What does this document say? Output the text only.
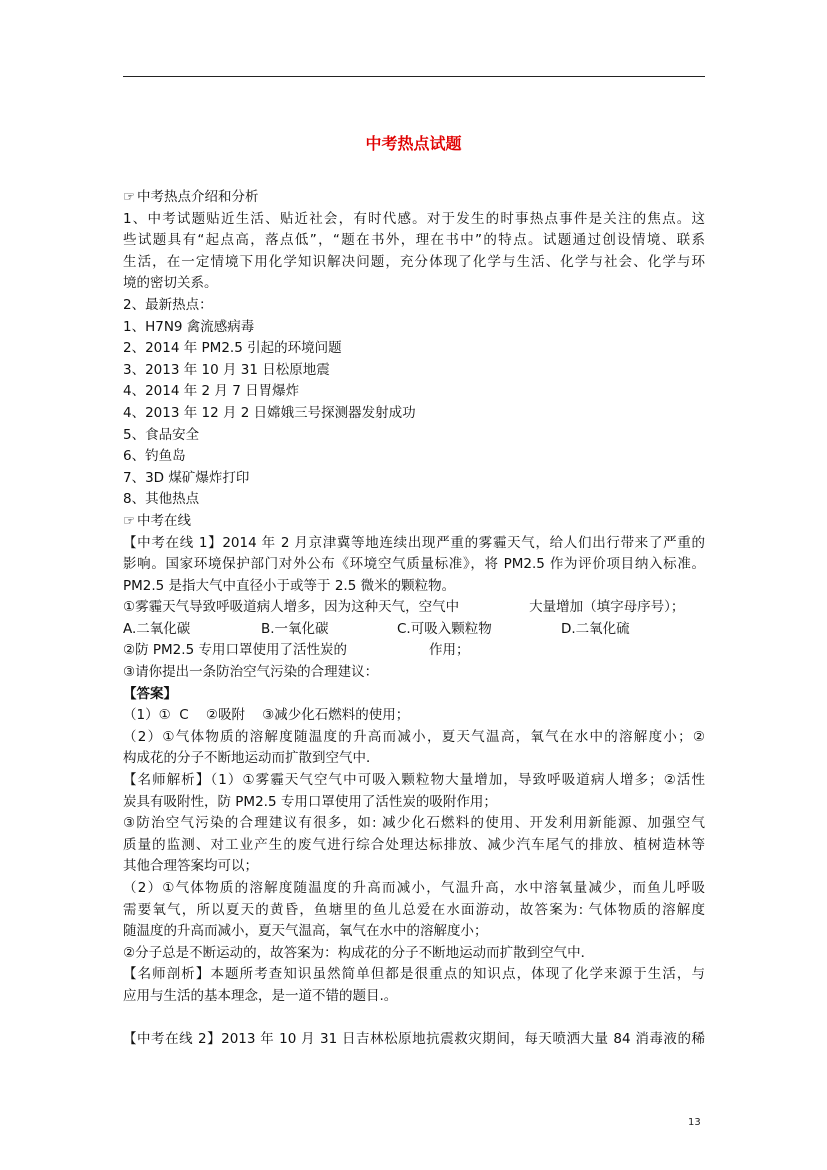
中考热点试题
☞ 中考热点介绍和分析
1、中考试题贴近生活、贴近社会，有时代感。对于发生的时事热点事件是关注的焦点。这
些试题具有“起点高，落点低”，“题在书外，理在书中”的特点。试题通过创设情境、联系
生活，在一定情境下用化学知识解决问题，充分体现了化学与生活、化学与社会、化学与环
境的密切关系。
2、最新热点：
1、H7N9 禽流感病毒
2、2014 年 PM2.5 引起的环境问题
3、2013 年 10 月 31 日松原地震
4、2014 年 2 月 7 日胃爆炸
4、2013 年 12 月 2 日嫦娥三号探测器发射成功
5、食品安全
6、钓鱼岛
7、3D 煤矿爆炸打印
8、其他热点
☞ 中考在线
【中考在线 1】2014 年 2 月京津冀等地连续出现严重的雾霾天气，给人们出行带来了严重的
影响。国家环境保护部门对外公布《环境空气质量标准》，将 PM2.5 作为评价项目纳入标准。
PM2.5 是指大气中直径小于或等于 2.5 微米的颗粒物。
①雾霾天气导致呼吸道病人增多，因为这种天气，空气中	大量增加（填字母序号）；
A.二氧化碳	B.一氧化碳	C.可吸入颗粒物	D.二氧化硫
②防 PM2.5 专用口罩使用了活性炭的	作用；
③请你提出一条防治空气污染的合理建议：
【答案】
（1）①  C    ②吸附    ③减少化石燃料的使用；
（2）①气体物质的溶解度随温度的升高而减小，夏天气温高，氧气在水中的溶解度小；②
构成花的分子不断地运动而扩散到空气中．
【名师解析】（1）①雾霾天气空气中可吸入颗粒物大量增加，导致呼吸道病人增多；②活性
炭具有吸附性，防 PM2.5 专用口罩使用了活性炭的吸附作用；
③防治空气污染的合理建议有很多，如: 减少化石燃料的使用、开发利用新能源、加强空气
质量的监测、对工业产生的废气进行综合处理达标排放、减少汽车尾气的排放、植树造林等
其他合理答案均可以；
（2）①气体物质的溶解度随温度的升高而减小，气温升高，水中溶氧量减少，而鱼儿呼吸
需要氧气，所以夏天的黄昏，鱼塘里的鱼儿总爱在水面游动，故答案为: 气体物质的溶解度
随温度的升高而减小，夏天气温高，氧气在水中的溶解度小；
②分子总是不断运动的，故答案为：构成花的分子不断地运动而扩散到空气中．
【名师剖析】本题所考查知识虽然简单但都是很重点的知识点，体现了化学来源于生活，与
应用与生活的基本理念，是一道不错的题目.。
【中考在线 2】2013 年 10 月 31 日吉林松原地抗震救灾期间，每天喷洒大量 84 消毒液的稀
13
